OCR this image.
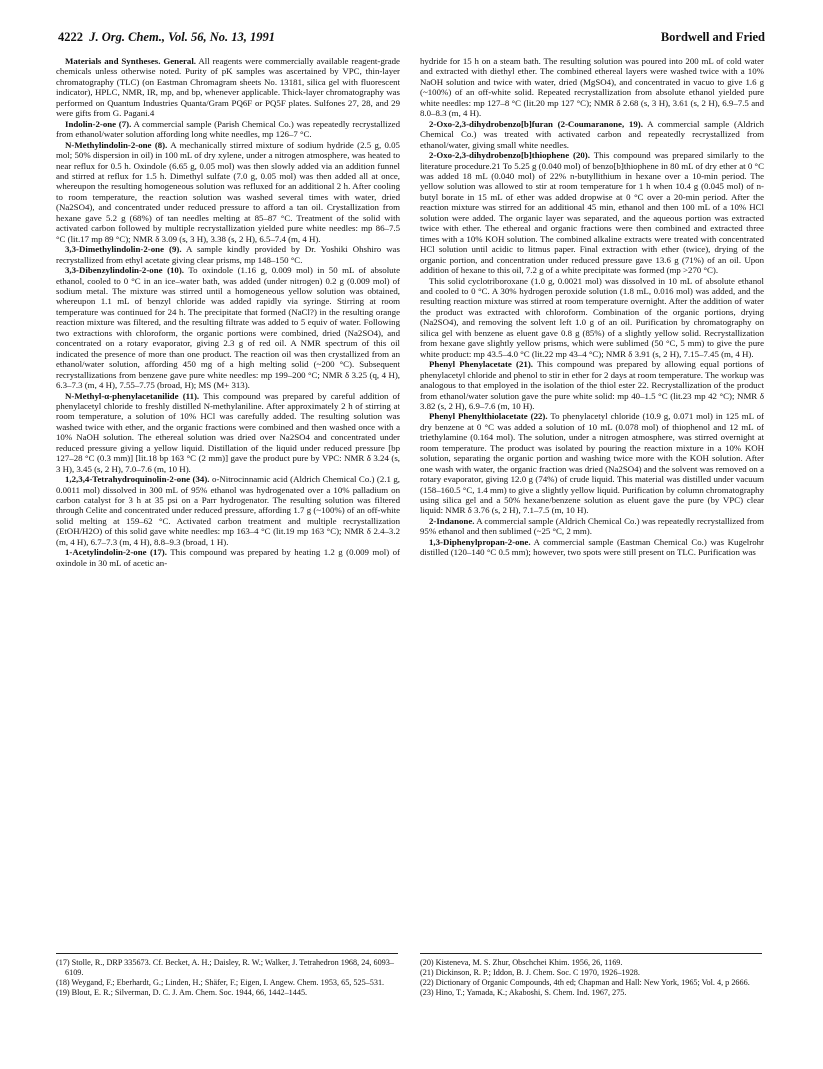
4222 J. Org. Chem., Vol. 56, No. 13, 1991	Bordwell and Fried

Materials and Syntheses. General. All reagents were commercially available reagent-grade chemicals unless otherwise noted. Purity of pK samples was ascertained by VPC, thin-layer chromatography (TLC) (on Eastman Chromagram sheets No. 13181, silica gel with fluorescent indicator), HPLC, NMR, IR, mp, and bp, whenever applicable. Thick-layer chromatography was performed on Quantum Industries Quanta/Gram PQ6F or PQ5F plates. Sulfones 27, 28, and 29 were gifts from G. Pagani.4

Indolin-2-one (7). A commercial sample (Parish Chemical Co.) was repeatedly recrystallized from ethanol/water solution affording long white needles, mp 126–7 °C.

N-Methylindolin-2-one (8). A mechanically stirred mixture of sodium hydride (2.5 g, 0.05 mol; 50% dispersion in oil) in 100 mL of dry xylene, under a nitrogen atmosphere, was heated to near reflux for 0.5 h. Oxindole (6.65 g, 0.05 mol) was then slowly added via an addition funnel and stirred at reflux for 1.5 h. Dimethyl sulfate (7.0 g, 0.05 mol) was then added all at once, whereupon the resulting homogeneous solution was refluxed for an additional 2 h. After cooling to room temperature, the reaction solution was washed several times with water, dried (Na2SO4), and concentrated under reduced pressure to afford a tan oil. Crystallization from hexane gave 5.2 g (68%) of tan needles melting at 85–87 °C. Treatment of the solid with activated carbon followed by multiple recrystallization yielded pure white needles: mp 86–7.5 °C (lit.17 mp 89 °C); NMR δ 3.09 (s, 3 H), 3.38 (s, 2 H), 6.5–7.4 (m, 4 H).

3,3-Dimethylindolin-2-one (9). A sample kindly provided by Dr. Yoshiki Ohshiro was recrystallized from ethyl acetate giving clear prisms, mp 148–150 °C.

3,3-Dibenzylindolin-2-one (10). To oxindole (1.16 g, 0.009 mol) in 50 mL of absolute ethanol, cooled to 0 °C in an ice–water bath, was added (under nitrogen) 0.2 g (0.009 mol) of sodium metal. The mixture was stirred until a homogeneous yellow solution was obtained, whereupon 1.1 mL of benzyl chloride was added rapidly via syringe. Stirring at room temperature was continued for 24 h. The precipitate that formed (NaCl?) in the resulting orange reaction mixture was filtered, and the resulting filtrate was added to 5 equiv of water. Following two extractions with chloroform, the organic portions were combined, dried (Na2SO4), and concentrated on a rotary evaporator, giving 2.3 g of red oil. A NMR spectrum of this oil indicated the presence of more than one product. The reaction oil was then crystallized from an ethanol/water solution, affording 450 mg of a high melting solid (~200 °C). Subsequent recrystallizations from benzene gave pure white needles: mp 199–200 °C; NMR δ 3.25 (q, 4 H), 6.3–7.3 (m, 4 H), 7.55–7.75 (broad, H); MS (M+ 313).

N-Methyl-α-phenylacetanilide (11). This compound was prepared by careful addition of phenylacetyl chloride to freshly distilled N-methylaniline. After approximately 2 h of stirring at room temperature, a solution of 10% HCl was carefully added. The resulting solution was washed twice with ether, and the organic fractions were combined and then washed once with a 10% NaOH solution. The ethereal solution was dried over Na2SO4 and concentrated under reduced pressure giving a yellow liquid. Distillation of the liquid under reduced pressure [bp 127–28 °C (0.3 mm)] [lit.18 bp 163 °C (2 mm)] gave the product pure by VPC: NMR δ 3.24 (s, 3 H), 3.45 (s, 2 H), 7.0–7.6 (m, 10 H).

1,2,3,4-Tetrahydroquinolin-2-one (34). o-Nitrocinnamic acid (Aldrich Chemical Co.) (2.1 g, 0.0011 mol) dissolved in 300 mL of 95% ethanol was hydrogenated over a 10% palladium on carbon catalyst for 3 h at 35 psi on a Parr hydrogenator. The resulting solution was filtered through Celite and concentrated under reduced pressure, affording 1.7 g (~100%) of an off-white solid melting at 159–62 °C. Activated carbon treatment and multiple recrystallization (EtOH/H2O) of this solid gave white needles: mp 163–4 °C (lit.19 mp 163 °C); NMR δ 2.4–3.2 (m, 4 H), 6.7–7.3 (m, 4 H), 8.8–9.3 (broad, 1 H).

1-Acetylindolin-2-one (17). This compound was prepared by heating 1.2 g (0.009 mol) of oxindole in 30 mL of acetic an-

hydride for 15 h on a steam bath. The resulting solution was poured into 200 mL of cold water and extracted with diethyl ether. The combined ethereal layers were washed twice with a 10% NaOH solution and twice with water, dried (MgSO4), and concentrated in vacuo to give 1.6 g (~100%) of an off-white solid. Repeated recrystallization from absolute ethanol yielded pure white needles: mp 127–8 °C (lit.20 mp 127 °C); NMR δ 2.68 (s, 3 H), 3.61 (s, 2 H), 6.9–7.5 and 8.0–8.3 (m, 4 H).

2-Oxo-2,3-dihydrobenzo[b]furan (2-Coumaranone, 19). A commercial sample (Aldrich Chemical Co.) was treated with activated carbon and repeatedly recrystallized from ethanol/water, giving small white needles.

2-Oxo-2,3-dihydrobenzo[b]thiophene (20). This compound was prepared similarly to the literature procedure.21 To 5.25 g (0.040 mol) of benzo[b]thiophene in 80 mL of dry ether at 0 °C was added 18 mL (0.040 mol) of 22% n-butyllithium in hexane over a 10-min period. The yellow solution was allowed to stir at room temperature for 1 h when 10.4 g (0.045 mol) of n-butyl borate in 15 mL of ether was added dropwise at 0 °C over a 20-min period. After the reaction mixture was stirred for an additional 45 min, ethanol and then 100 mL of a 10% HCl solution were added. The organic layer was separated, and the aqueous portion was extracted twice with ether. The ethereal and organic fractions were then combined and extracted three times with a 10% KOH solution. The combined alkaline extracts were treated with concentrated HCl solution until acidic to litmus paper. Final extraction with ether (twice), drying of the organic portion, and concentration under reduced pressure gave 13.6 g (71%) of an oil. Upon addition of hexane to this oil, 7.2 g of a white precipitate was formed (mp >270 °C).

This solid cyclotriboroxane (1.0 g, 0.0021 mol) was dissolved in 10 mL of absolute ethanol and cooled to 0 °C. A 30% hydrogen peroxide solution (1.8 mL, 0.016 mol) was added, and the resulting reaction mixture was stirred at room temperature overnight. After the addition of water the product was extracted with chloroform. Combination of the organic portions, drying (Na2SO4), and removing the solvent left 1.0 g of an oil. Purification by chromatography on silica gel with benzene as eluent gave 0.8 g (85%) of a slightly yellow solid. Recrystallization from hexane gave slightly yellow prisms, which were sublimed (50 °C, 5 mm) to give the pure white product: mp 43.5–4.0 °C (lit.22 mp 43–4 °C); NMR δ 3.91 (s, 2 H), 7.15–7.45 (m, 4 H).

Phenyl Phenylacetate (21). This compound was prepared by allowing equal portions of phenylacetyl chloride and phenol to stir in ether for 2 days at room temperature. The workup was analogous to that employed in the isolation of the thiol ester 22. Recrystallization of the product from ethanol/water solution gave the pure white solid: mp 40–1.5 °C (lit.23 mp 42 °C); NMR δ 3.82 (s, 2 H), 6.9–7.6 (m, 10 H).

Phenyl Phenylthiolacetate (22). To phenylacetyl chloride (10.9 g, 0.071 mol) in 125 mL of dry benzene at 0 °C was added a solution of 10 mL (0.078 mol) of thiophenol and 12 mL of triethylamine (0.164 mol). The solution, under a nitrogen atmosphere, was stirred overnight at room temperature. The product was isolated by pouring the reaction mixture in a 10% KOH solution, separating the organic portion and washing twice more with the KOH solution. After one wash with water, the organic fraction was dried (Na2SO4) and the solvent was removed on a rotary evaporator, giving 12.0 g (74%) of crude liquid. This material was distilled under vacuum (158–160.5 °C, 1.4 mm) to give a slightly yellow liquid. Purification by column chromatography using silica gel and a 50% hexane/benzene solution as eluent gave the pure (by VPC) clear liquid: NMR δ 3.76 (s, 2 H), 7.1–7.5 (m, 10 H).

2-Indanone. A commercial sample (Aldrich Chemical Co.) was repeatedly recrystallized from 95% ethanol and then sublimed (~25 °C, 2 mm).

1,3-Diphenylpropan-2-one. A commercial sample (Eastman Chemical Co.) was Kugelrohr distilled (120–140 °C 0.5 mm); however, two spots were still present on TLC. Purification was

(17) Stolle, R., DRP 335673. Cf. Becket, A. H.; Daisley, R. W.; Walker, J. Tetrahedron 1968, 24, 6093–6109.
(18) Weygand, F.; Eberhardt, G.; Linden, H.; Shäfer, F.; Eigen, I. Angew. Chem. 1953, 65, 525–531.
(19) Blout, E. R.; Silverman, D. C. J. Am. Chem. Soc. 1944, 66, 1442–1445.
(20) Kisteneva, M. S. Zhur, Obschchei Khim. 1956, 26, 1169.
(21) Dickinson, R. P.; Iddon, B. J. Chem. Soc. C 1970, 1926–1928.
(22) Dictionary of Organic Compounds, 4th ed; Chapman and Hall: New York, 1965; Vol. 4, p 2666.
(23) Hino, T.; Yamada, K.; Akaboshi, S. Chem. Ind. 1967, 275.
